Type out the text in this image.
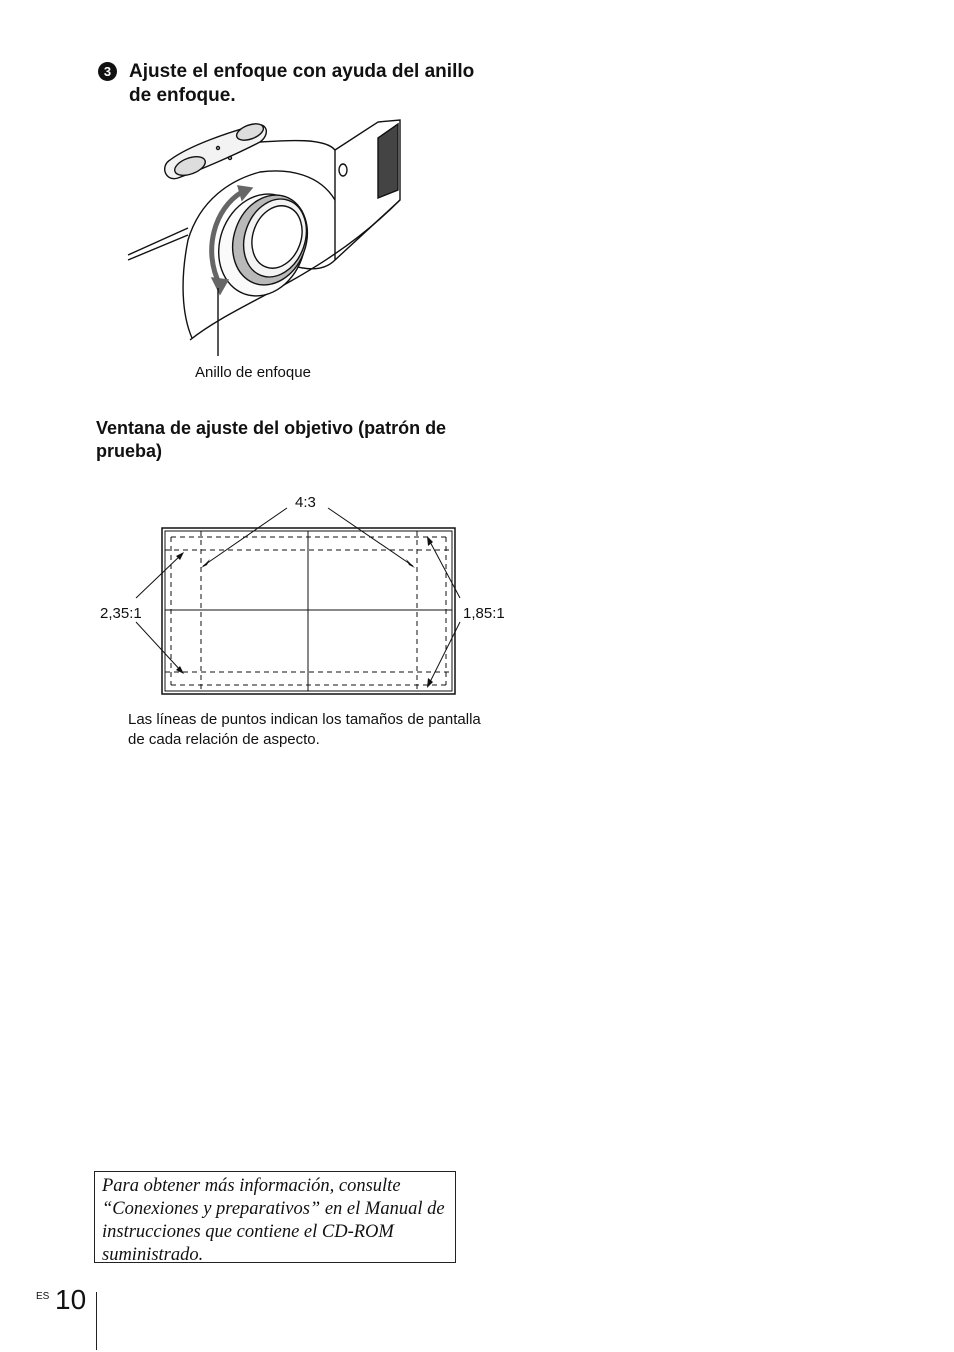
3 Ajuste el enfoque con ayuda del anillo de enfoque.
Anillo de enfoque
Ventana de ajuste del objetivo (patrón de prueba)
4:3
2,35:1	1,85:1
Las líneas de puntos indican los tamaños de pantalla de cada relación de aspecto.
Para obtener más información, consulte “Conexiones y preparativos” en el Manual de instrucciones que contiene el CD-ROM suministrado.
ES 10
